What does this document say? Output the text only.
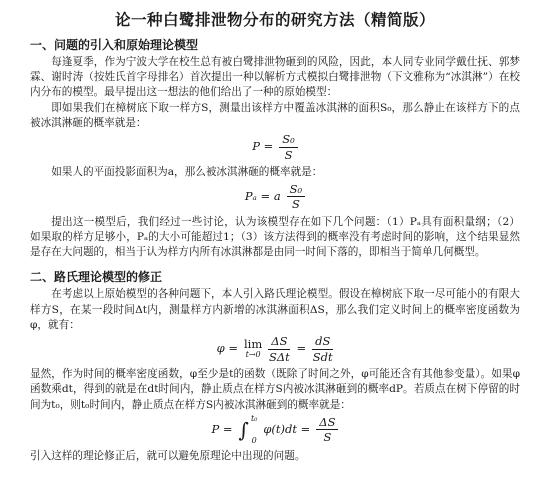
论一种白鹭排泄物分布的研究方法（精简版）
一、问题的引入和原始理论模型

每逢夏季，作为宁波大学在校生总有被白鹭排泄物砸到的风险，因此，本人同专业同学戴仕抚、郭梦霖、谢时涛（按姓氏首字母排名）首次提出一种以解析方式模拟白鹭排泄物（下文雅称为“冰淇淋”）在校内分布的模型。最早提出这一想法的他们给出了一种的原始模型：

即如果我们在樟树底下取一样方S，测量出该样方中覆盖冰淇淋的面积S₀，那么静止在该样方下的点被冰淇淋砸的概率就是：

$P = \frac{\text{S₀}}{S}$

如果人的平面投影面积为a，那么被冰淇淋砸的概率就是：

Pₐ = a $\frac{\text{S₀}}{S}$

提出这一模型后，我们经过一些讨论，认为该模型存在如下几个问题：（1）Pₐ具有面积量纲；（2）如果取的样方足够小，Pₐ的大小可能超过1；（3）该方法得到的概率没有考虑时间的影响，这个结果显然是存在大问题的，相当于认为样方内所有冰淇淋都是由同一时间下落的，即相当于简单几何概型。

二、路氏理论模型的修正

在考虑以上原始模型的各种问题下，本人引入路氏理论模型。假设在樟树底下取一尽可能小的有限大样方S，在某一段时间Δt内，测量样方内新增的冰淇淋面积ΔS，那么我们定义时间上的概率密度函数为φ，就有：

φ = lim
$t\to 0 \frac{\Delta S}{\text{SΔt}} = \frac{dS}{\text{Sdt}}$

显然，作为时间的概率密度函数，φ至少是t的函数（既除了时间之外，φ可能还含有其他参变量）。如果φ函数乘dt，得到的就是在dt时间内，静止质点在样方S内被冰淇淋砸到的概率dP。若质点在树下停留的时间为t₀，则t₀时间内，静止质点在样方S内被冰淇淋砸到的概率就是：

P = ∫ t₀
0
$\varphi(t)dt = \frac{\Delta S}{S}$

引入这样的理论修正后，就可以避免原理论中出现的问题。
